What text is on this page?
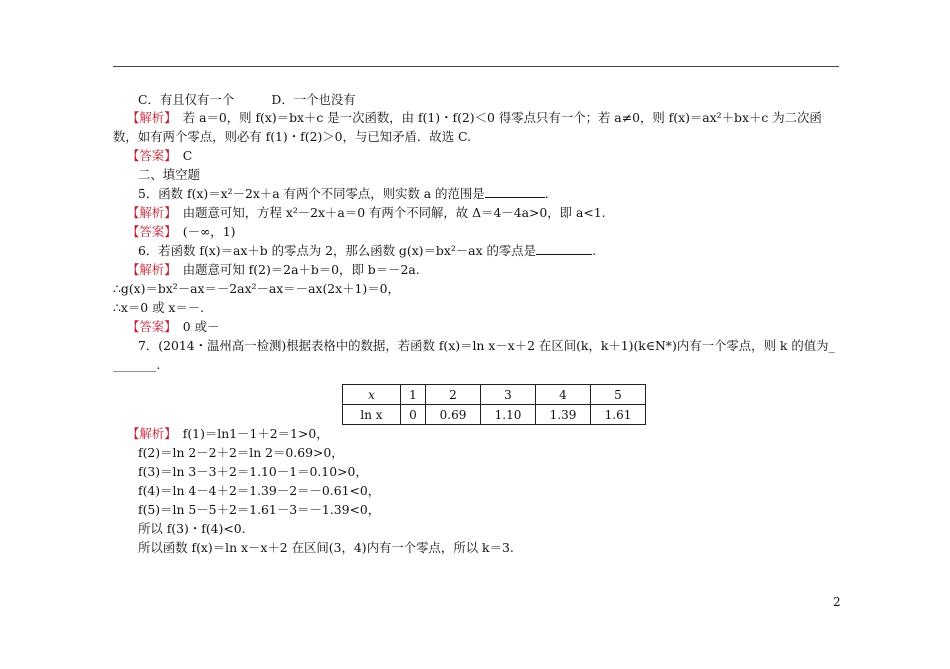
C．有且仅有一个　　　D．一个也没有
【解析】　若 a＝0，则 f(x)＝bx＋c 是一次函数，由 f(1)・f(2)＜0 得零点只有一个；若 a≠0，则 f(x)＝ax²＋bx＋c 为二次函
数，如有两个零点，则必有 f(1)・f(2)＞0，与已知矛盾．故选 C.
【答案】　C
二、填空题
5．函数 f(x)＝x²－2x＋a 有两个不同零点，则实数 a 的范围是	.
【解析】　由题意可知，方程 x²－2x＋a＝0 有两个不同解，故 Δ＝4－4a>0，即 a<1.
【答案】　(－∞，1)
6．若函数 f(x)＝ax＋b 的零点为 2，那么函数 g(x)＝bx²－ax 的零点是	.
【解析】　由题意可知 f(2)＝2a＋b＝0，即 b＝－2a.
∴g(x)＝bx²－ax＝－2ax²－ax＝－ax(2x＋1)＝0，
∴x＝0 或 x＝－.
【答案】　0 或－
7．(2014・温州高一检测)根据表格中的数据，若函数 f(x)＝ln x－x＋2 在区间(k，k＋1)(k∈N*)内有一个零点，则 k 的值为_
_______.
x	1	2	3	4	5
ln x	0	0.69	1.10	1.39	1.61
【解析】　f(1)＝ln1－1＋2＝1>0，
f(2)＝ln 2－2＋2＝ln 2＝0.69>0，
f(3)＝ln 3－3＋2＝1.10－1＝0.10>0，
f(4)＝ln 4－4＋2＝1.39－2＝－0.61<0，
f(5)＝ln 5－5＋2＝1.61－3＝－1.39<0，
所以 f(3)・f(4)<0.
所以函数 f(x)＝ln x－x＋2 在区间(3，4)内有一个零点，所以 k＝3.
2
